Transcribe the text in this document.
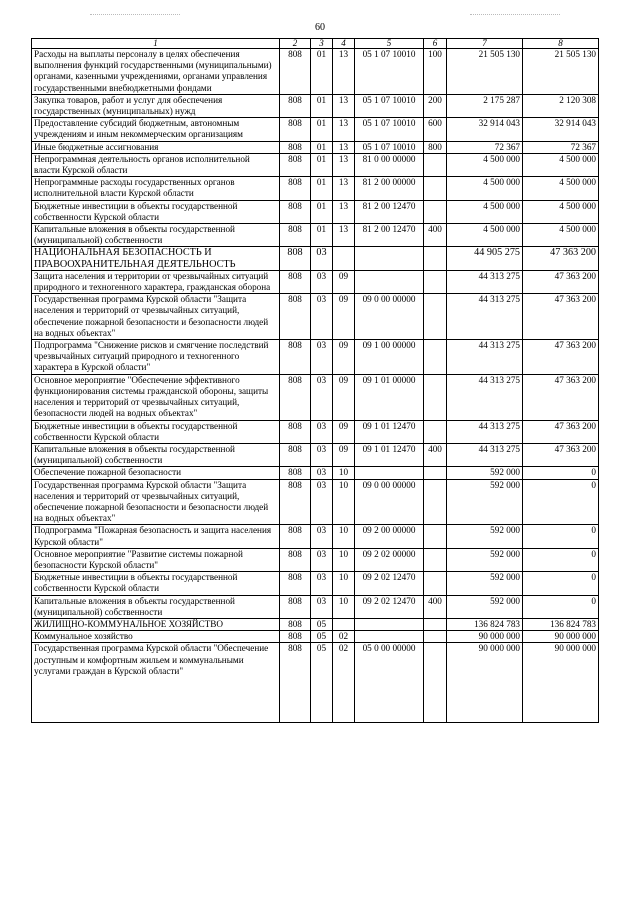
60
1	2	3	4	5	6	7	8
Расходы на выплаты персоналу в целях обеспечения выполнения функций государственными (муниципальными) органами, казенными учреждениями, органами управления государственными внебюджетными фондами	808	01	13	05 1 07 10010	100	21 505 130	21 505 130
Закупка товаров, работ и услуг для обеспечения государственных (муниципальных) нужд	808	01	13	05 1 07 10010	200	2 175 287	2 120 308
Предоставление субсидий бюджетным, автономным учреждениям и иным некоммерческим организациям	808	01	13	05 1 07 10010	600	32 914 043	32 914 043
Иные бюджетные ассигнования	808	01	13	05 1 07 10010	800	72 367	72 367
Непрограммная деятельность органов исполнительной власти Курской области	808	01	13	81 0 00 00000		4 500 000	4 500 000
Непрограммные расходы государственных органов исполнительной власти Курской области	808	01	13	81 2 00 00000		4 500 000	4 500 000
Бюджетные инвестиции в объекты государственной собственности Курской области	808	01	13	81 2 00 12470		4 500 000	4 500 000
Капитальные вложения в объекты государственной (муниципальной) собственности	808	01	13	81 2 00 12470	400	4 500 000	4 500 000
НАЦИОНАЛЬНАЯ БЕЗОПАСНОСТЬ И ПРАВООХРАНИТЕЛЬНАЯ ДЕЯТЕЛЬНОСТЬ	808	03				44 905 275	47 363 200
Защита населения и территории от чрезвычайных ситуаций природного и техногенного характера, гражданская оборона	808	03	09			44 313 275	47 363 200
Государственная программа Курской области "Защита населения и территорий от чрезвычайных ситуаций, обеспечение пожарной безопасности и безопасности людей на водных объектах"	808	03	09	09 0 00 00000		44 313 275	47 363 200
Подпрограмма "Снижение рисков и смягчение последствий чрезвычайных ситуаций природного и техногенного характера в Курской области"	808	03	09	09 1 00 00000		44 313 275	47 363 200
Основное мероприятие "Обеспечение эффективного функционирования системы гражданской обороны, защиты населения и территорий от чрезвычайных ситуаций, безопасности людей на водных объектах"	808	03	09	09 1 01 00000		44 313 275	47 363 200
Бюджетные инвестиции в объекты государственной собственности Курской области	808	03	09	09 1 01 12470		44 313 275	47 363 200
Капитальные вложения в объекты государственной (муниципальной) собственности	808	03	09	09 1 01 12470	400	44 313 275	47 363 200
Обеспечение пожарной безопасности	808	03	10			592 000	0
Государственная программа Курской области "Защита населения и территорий от чрезвычайных ситуаций, обеспечение пожарной безопасности и безопасности людей на водных объектах"	808	03	10	09 0 00 00000		592 000	0
Подпрограмма "Пожарная безопасность и защита населения Курской области"	808	03	10	09 2 00 00000		592 000	0
Основное мероприятие "Развитие системы пожарной безопасности Курской области"	808	03	10	09 2 02 00000		592 000	0
Бюджетные инвестиции в объекты государственной собственности Курской области	808	03	10	09 2 02 12470		592 000	0
Капитальные вложения в объекты государственной (муниципальной) собственности	808	03	10	09 2 02 12470	400	592 000	0
ЖИЛИЩНО-КОММУНАЛЬНОЕ ХОЗЯЙСТВО	808	05				136 824 783	136 824 783
Коммунальное хозяйство	808	05	02			90 000 000	90 000 000
Государственная программа Курской области "Обеспечение доступным и комфортным жильем и коммунальными услугами граждан в Курской области"	808	05	02	05 0 00 00000		90 000 000	90 000 000
